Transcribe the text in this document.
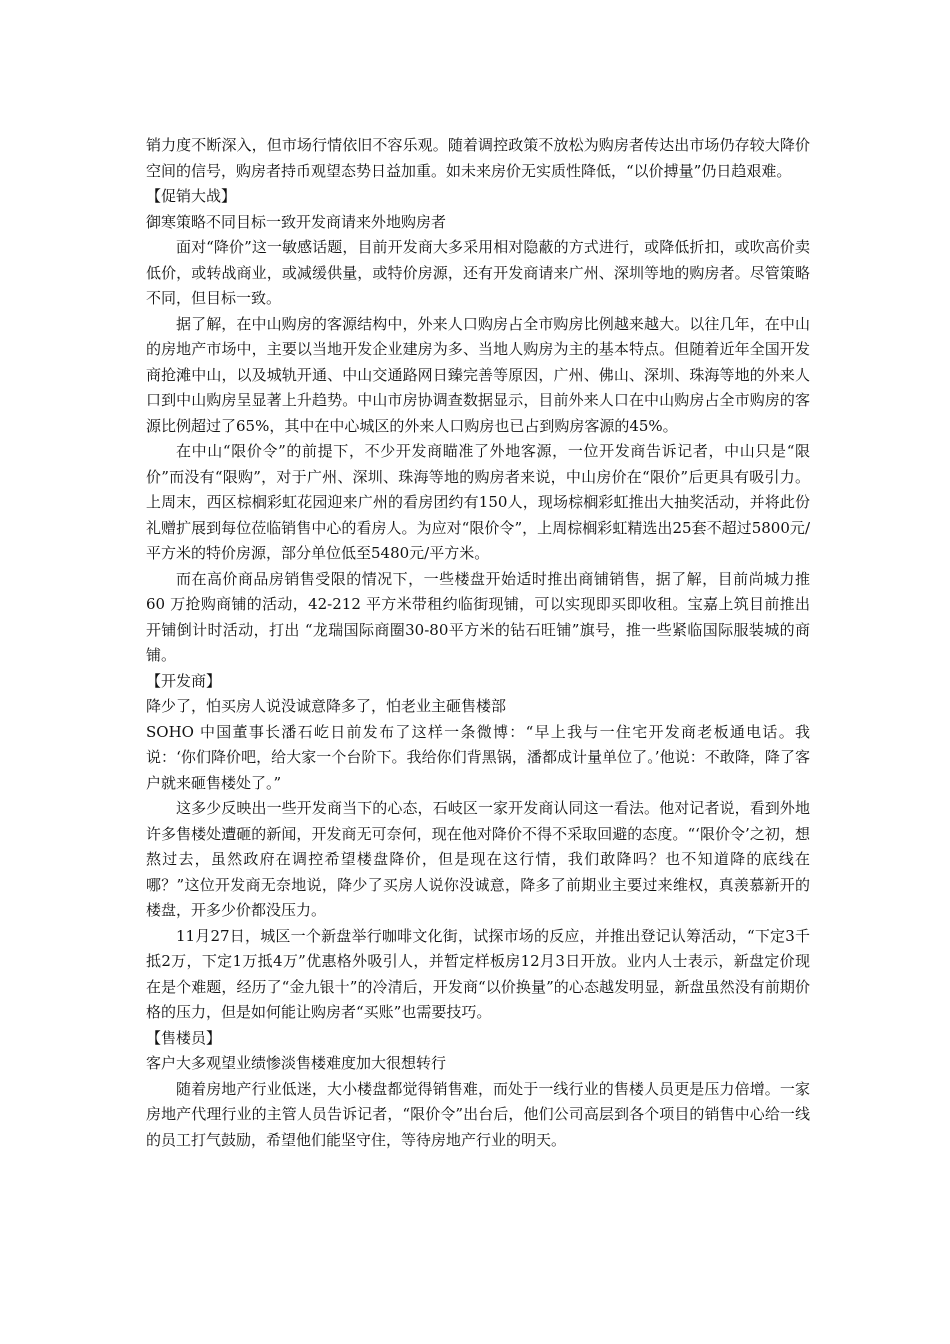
销力度不断深入，但市场行情依旧不容乐观。随着调控政策不放松为购房者传达出市场仍存较大降价空间的信号，购房者持币观望态势日益加重。如未来房价无实质性降低，“以价搏量”仍日趋艰难。

【促销大战】

御寒策略不同目标一致开发商请来外地购房者

面对“降价”这一敏感话题，目前开发商大多采用相对隐蔽的方式进行，或降低折扣，或吹高价卖低价，或转战商业，或减缓供量，或特价房源，还有开发商请来广州、深圳等地的购房者。尽管策略不同，但目标一致。

据了解，在中山购房的客源结构中，外来人口购房占全市购房比例越来越大。以往几年，在中山的房地产市场中，主要以当地开发企业建房为多、当地人购房为主的基本特点。但随着近年全国开发商抢滩中山，以及城轨开通、中山交通路网日臻完善等原因，广州、佛山、深圳、珠海等地的外来人口到中山购房呈显著上升趋势。中山市房协调查数据显示，目前外来人口在中山购房占全市购房的客源比例超过了65%，其中在中心城区的外来人口购房也已占到购房客源的45%。

在中山“限价令”的前提下，不少开发商瞄准了外地客源，一位开发商告诉记者，中山只是“限价”而没有“限购”，对于广州、深圳、珠海等地的购房者来说，中山房价在“限价”后更具有吸引力。上周末，西区棕榈彩虹花园迎来广州的看房团约有150人，现场棕榈彩虹推出大抽奖活动，并将此份礼赠扩展到每位莅临销售中心的看房人。为应对“限价令”，上周棕榈彩虹精选出25套不超过5800元/平方米的特价房源，部分单位低至5480元/平方米。

而在高价商品房销售受限的情况下，一些楼盘开始适时推出商铺销售，据了解，目前尚城力推 60 万抢购商铺的活动，42-212 平方米带租约临街现铺，可以实现即买即收租。宝嘉上筑目前推出开铺倒计时活动，打出 “龙瑞国际商圈30-80平方米的钻石旺铺”旗号，推一些紧临国际服装城的商铺。

【开发商】

降少了，怕买房人说没诚意降多了，怕老业主砸售楼部

SOHO 中国董事长潘石屹日前发布了这样一条微博：“早上我与一住宅开发商老板通电话。我说：‘你们降价吧，给大家一个台阶下。我给你们背黑锅，潘都成计量单位了。’他说：不敢降，降了客户就来砸售楼处了。”

这多少反映出一些开发商当下的心态，石岐区一家开发商认同这一看法。他对记者说，看到外地许多售楼处遭砸的新闻，开发商无可奈何，现在他对降价不得不采取回避的态度。“‘限价令’之初，想熬过去，虽然政府在调控希望楼盘降价，但是现在这行情，我们敢降吗？也不知道降的底线在哪？”这位开发商无奈地说，降少了买房人说你没诚意，降多了前期业主要过来维权，真羡慕新开的楼盘，开多少价都没压力。

11月27日，城区一个新盘举行咖啡文化街，试探市场的反应，并推出登记认筹活动，“下定3千抵2万，下定1万抵4万”优惠格外吸引人，并暂定样板房12月3日开放。业内人士表示，新盘定价现在是个难题，经历了“金九银十”的冷清后，开发商“以价换量”的心态越发明显，新盘虽然没有前期价格的压力，但是如何能让购房者“买账”也需要技巧。

【售楼员】

客户大多观望业绩惨淡售楼难度加大很想转行

随着房地产行业低迷，大小楼盘都觉得销售难，而处于一线行业的售楼人员更是压力倍增。一家房地产代理行业的主管人员告诉记者，“限价令”出台后，他们公司高层到各个项目的销售中心给一线的员工打气鼓励，希望他们能坚守住，等待房地产行业的明天。
